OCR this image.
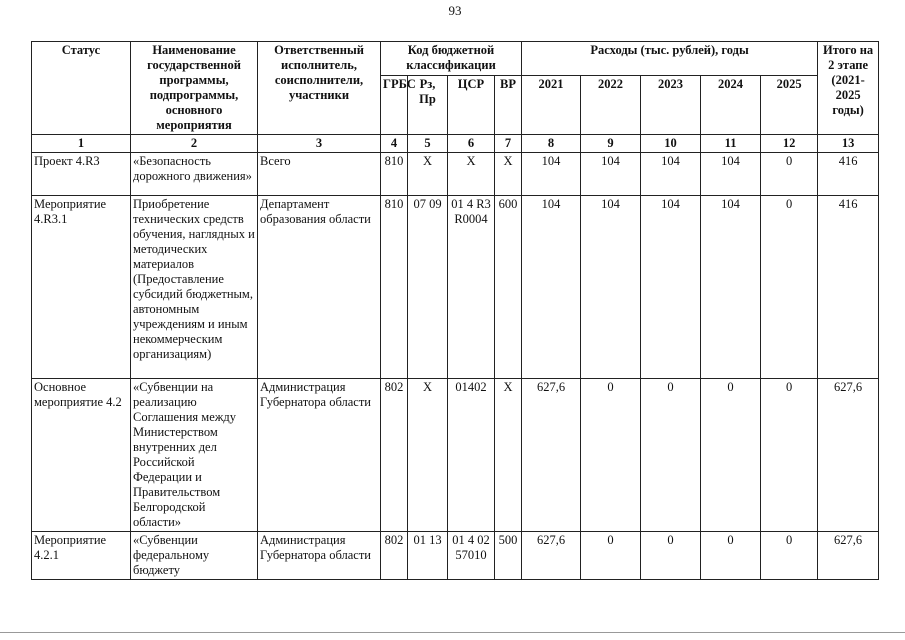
93
Статус	Наименование государственной программы, подпрограммы, основного мероприятия	Ответственный исполнитель, соисполнители, участники	Код бюджетной классификации				Расходы (тыс. рублей), годы					Итого на 2 этапе (2021-2025 годы)
			ГРБС	Рз, Пр	ЦСР	ВР	2021	2022	2023	2024	2025	
1	2	3	4	5	6	7	8	9	10	11	12	13
Проект 4.R3	«Безопасность дорожного движения»	Всего	810	X	X	X	104	104	104	104	0	416
Мероприятие 4.R3.1	Приобретение технических средств обучения, наглядных и методических материалов (Предоставление субсидий бюджетным, автономным учреждениям и иным некоммерческим организациям)	Департамент образования области	810	07 09	01 4 R3 R0004	600	104	104	104	104	0	416
Основное мероприятие 4.2	«Субвенции на реализацию Соглашения между Министерством внутренних дел Российской Федерации и Правительством Белгородской области»	Администрация Губернатора области	802	X	01402	X	627,6	0	0	0	0	627,6
Мероприятие 4.2.1	«Субвенции федеральному бюджету	Администрация Губернатора области	802	01 13	01 4 02 57010	500	627,6	0	0	0	0	627,6
